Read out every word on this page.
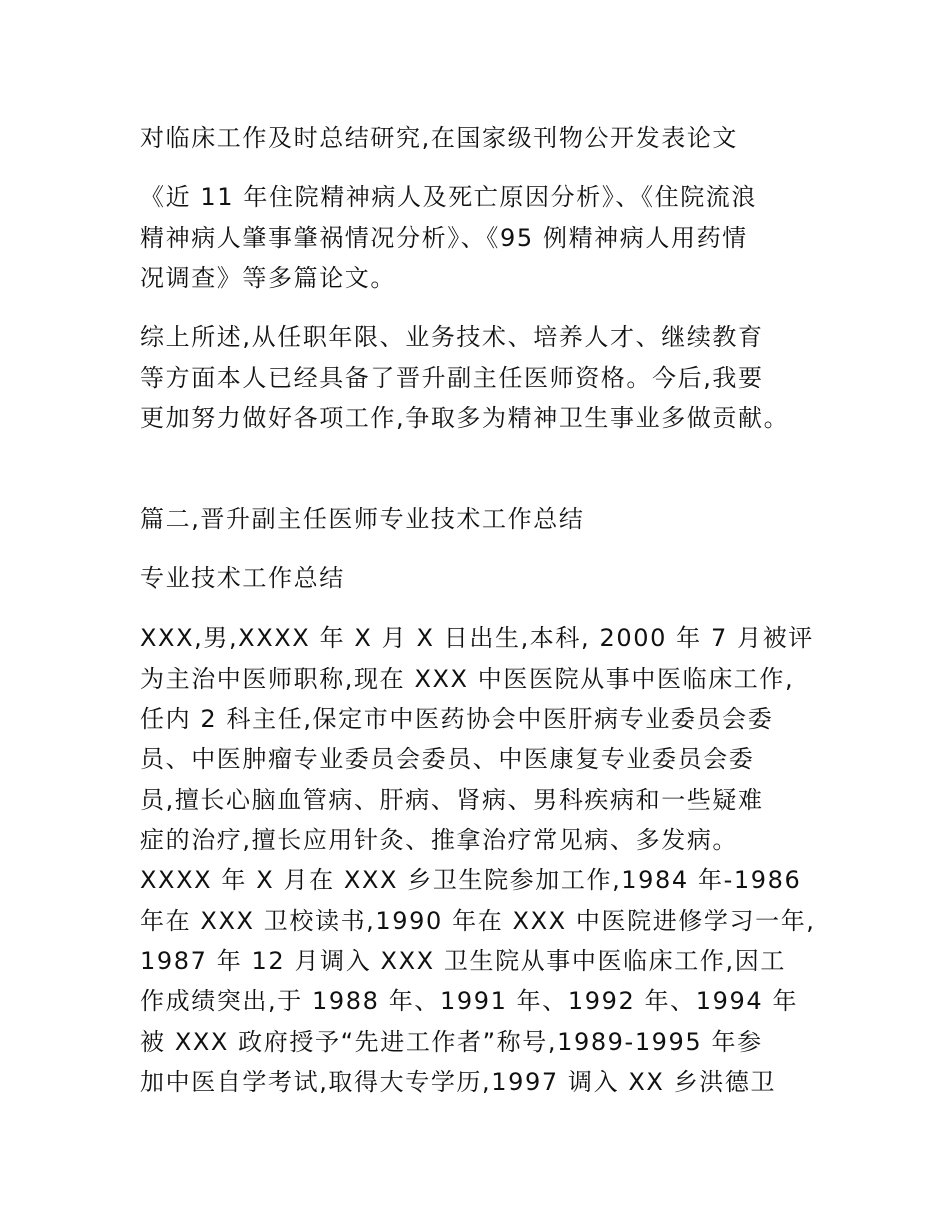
对临床工作及时总结研究,在国家级刊物公开发表论文
《近 11 年住院精神病人及死亡原因分析》、《住院流浪
精神病人肇事肇祸情况分析》、《95 例精神病人用药情
况调查》等多篇论文。
综上所述,从任职年限、业务技术、培养人才、继续教育
等方面本人已经具备了晋升副主任医师资格。今后,我要
更加努力做好各项工作,争取多为精神卫生事业多做贡献。
篇二,晋升副主任医师专业技术工作总结
专业技术工作总结
XXX,男,XXXX 年 X 月 X 日出生,本科, 2000 年 7 月被评
为主治中医师职称,现在 XXX 中医医院从事中医临床工作,
任内 2 科主任,保定市中医药协会中医肝病专业委员会委
员、中医肿瘤专业委员会委员、中医康复专业委员会委
员,擅长心脑血管病、肝病、肾病、男科疾病和一些疑难
症的治疗,擅长应用针灸、推拿治疗常见病、多发病。
XXXX 年 X 月在 XXX 乡卫生院参加工作,1984 年-1986
年在 XXX 卫校读书,1990 年在 XXX 中医院进修学习一年,
1987 年 12 月调入 XXX 卫生院从事中医临床工作,因工
作成绩突出,于 1988 年、1991 年、1992 年、1994 年
被 XXX 政府授予“先进工作者”称号,1989-1995 年参
加中医自学考试,取得大专学历,1997 调入 XX 乡洪德卫
